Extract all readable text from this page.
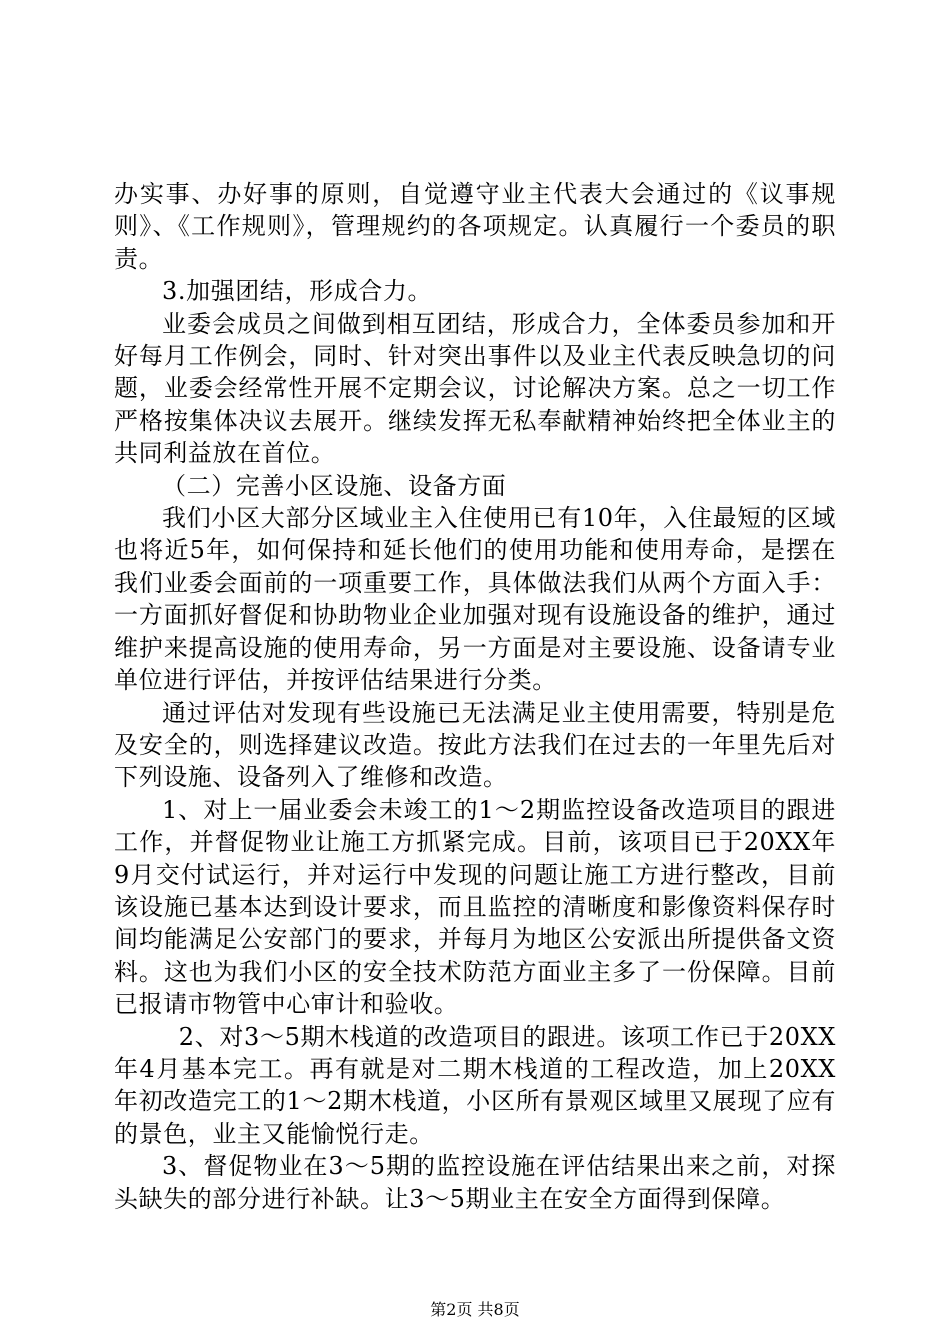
办实事、办好事的原则，自觉遵守业主代表大会通过的《议事规则》、《工作规则》，管理规约的各项规定。认真履行一个委员的职责。

3.加强团结，形成合力。

业委会成员之间做到相互团结，形成合力，全体委员参加和开好每月工作例会，同时、针对突出事件以及业主代表反映急切的问题，业委会经常性开展不定期会议，讨论解决方案。总之一切工作严格按集体决议去展开。继续发挥无私奉献精神始终把全体业主的共同利益放在首位。

（二）完善小区设施、设备方面

我们小区大部分区域业主入住使用已有10年，入住最短的区域也将近5年，如何保持和延长他们的使用功能和使用寿命，是摆在我们业委会面前的一项重要工作，具体做法我们从两个方面入手：一方面抓好督促和协助物业企业加强对现有设施设备的维护，通过维护来提高设施的使用寿命，另一方面是对主要设施、设备请专业单位进行评估，并按评估结果进行分类。

通过评估对发现有些设施已无法满足业主使用需要，特别是危及安全的，则选择建议改造。按此方法我们在过去的一年里先后对下列设施、设备列入了维修和改造。

1、对上一届业委会未竣工的1～2期监控设备改造项目的跟进工作，并督促物业让施工方抓紧完成。目前，该项目已于20XX年9月交付试运行，并对运行中发现的问题让施工方进行整改，目前该设施已基本达到设计要求，而且监控的清晰度和影像资料保存时间均能满足公安部门的要求，并每月为地区公安派出所提供备文资料。这也为我们小区的安全技术防范方面业主多了一份保障。目前已报请市物管中心审计和验收。

2、对3～5期木栈道的改造项目的跟进。该项工作已于20XX年4月基本完工。再有就是对二期木栈道的工程改造，加上20XX年初改造完工的1～2期木栈道，小区所有景观区域里又展现了应有的景色，业主又能愉悦行走。

3、督促物业在3～5期的监控设施在评估结果出来之前，对探头缺失的部分进行补缺。让3～5期业主在安全方面得到保障。

第2页 共8页
